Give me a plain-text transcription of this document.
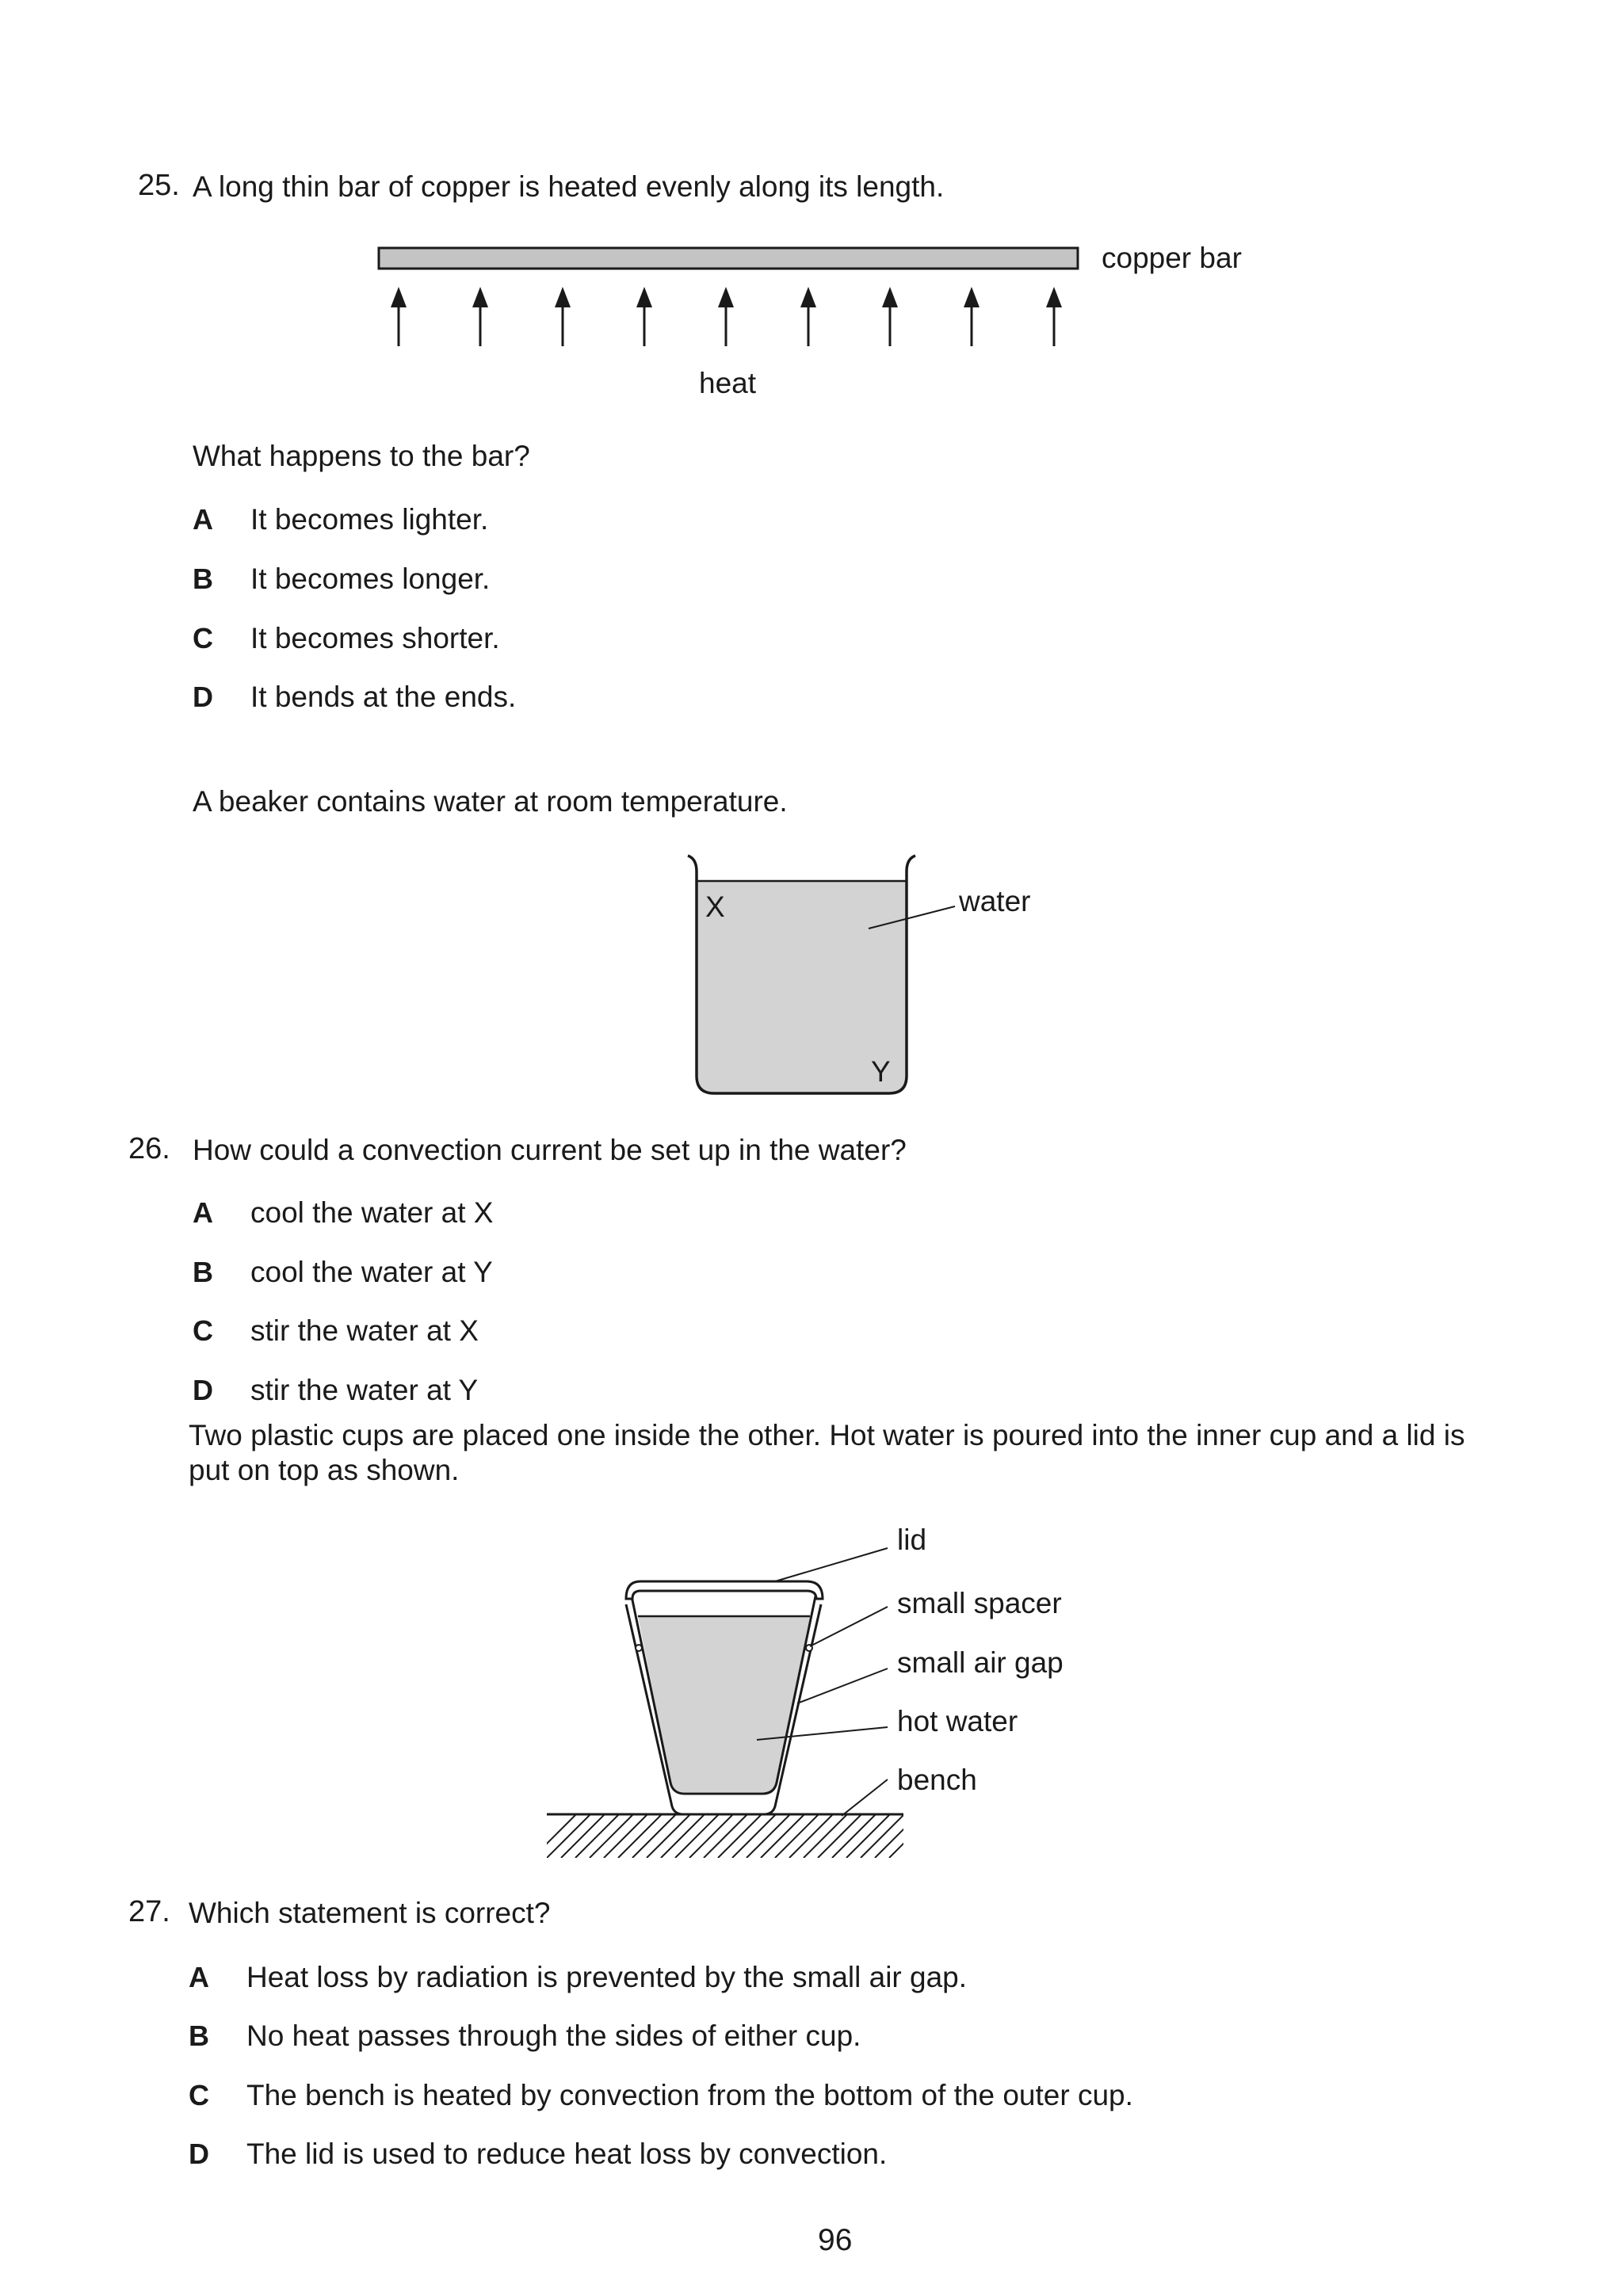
25. A long thin bar of copper is heated evenly along its length.
copper bar
heat
What happens to the bar?
A It becomes lighter.
B It becomes longer.
C It becomes shorter.
D It bends at the ends.
A beaker contains water at room temperature.
X
Y
water
26. How could a convection current be set up in the water?
A cool the water at X
B cool the water at Y
C stir the water at X
D stir the water at Y
Two plastic cups are placed one inside the other. Hot water is poured into the inner cup and a lid is put on top as shown.
lid
small spacer
small air gap
hot water
bench
27. Which statement is correct?
A Heat loss by radiation is prevented by the small air gap.
B No heat passes through the sides of either cup.
C The bench is heated by convection from the bottom of the outer cup.
D The lid is used to reduce heat loss by convection.
96
